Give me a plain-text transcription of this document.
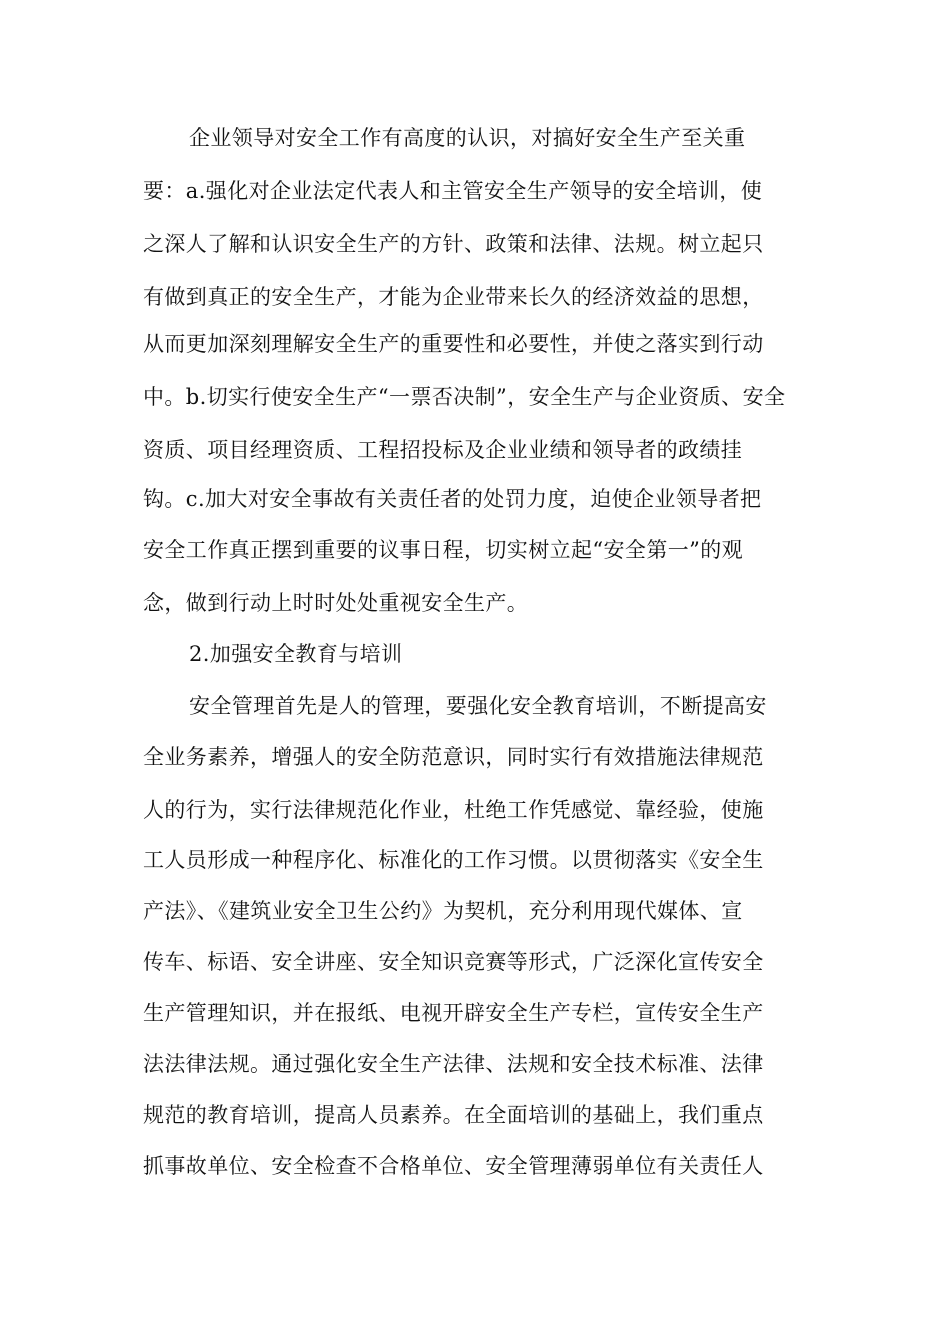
企业领导对安全工作有高度的认识，对搞好安全生产至关重

要：a.强化对企业法定代表人和主管安全生产领导的安全培训，使

之深人了解和认识安全生产的方针、政策和法律、法规。树立起只

有做到真正的安全生产，才能为企业带来长久的经济效益的思想，

从而更加深刻理解安全生产的重要性和必要性，并使之落实到行动

中。b.切实行使安全生产“一票否决制”，安全生产与企业资质、安全

资质、项目经理资质、工程招投标及企业业绩和领导者的政绩挂

钩。c.加大对安全事故有关责任者的处罚力度，迫使企业领导者把

安全工作真正摆到重要的议事日程，切实树立起“安全第一”的观

念，做到行动上时时处处重视安全生产。

2.加强安全教育与培训

安全管理首先是人的管理，要强化安全教育培训，不断提高安

全业务素养，增强人的安全防范意识，同时实行有效措施法律规范

人的行为，实行法律规范化作业，杜绝工作凭感觉、靠经验，使施

工人员形成一种程序化、标准化的工作习惯。以贯彻落实《安全生

产法》、《建筑业安全卫生公约》为契机，充分利用现代媒体、宣

传车、标语、安全讲座、安全知识竞赛等形式，广泛深化宣传安全

生产管理知识，并在报纸、电视开辟安全生产专栏，宣传安全生产

法法律法规。通过强化安全生产法律、法规和安全技术标准、法律

规范的教育培训，提高人员素养。在全面培训的基础上，我们重点

抓事故单位、安全检查不合格单位、安全管理薄弱单位有关责任人
